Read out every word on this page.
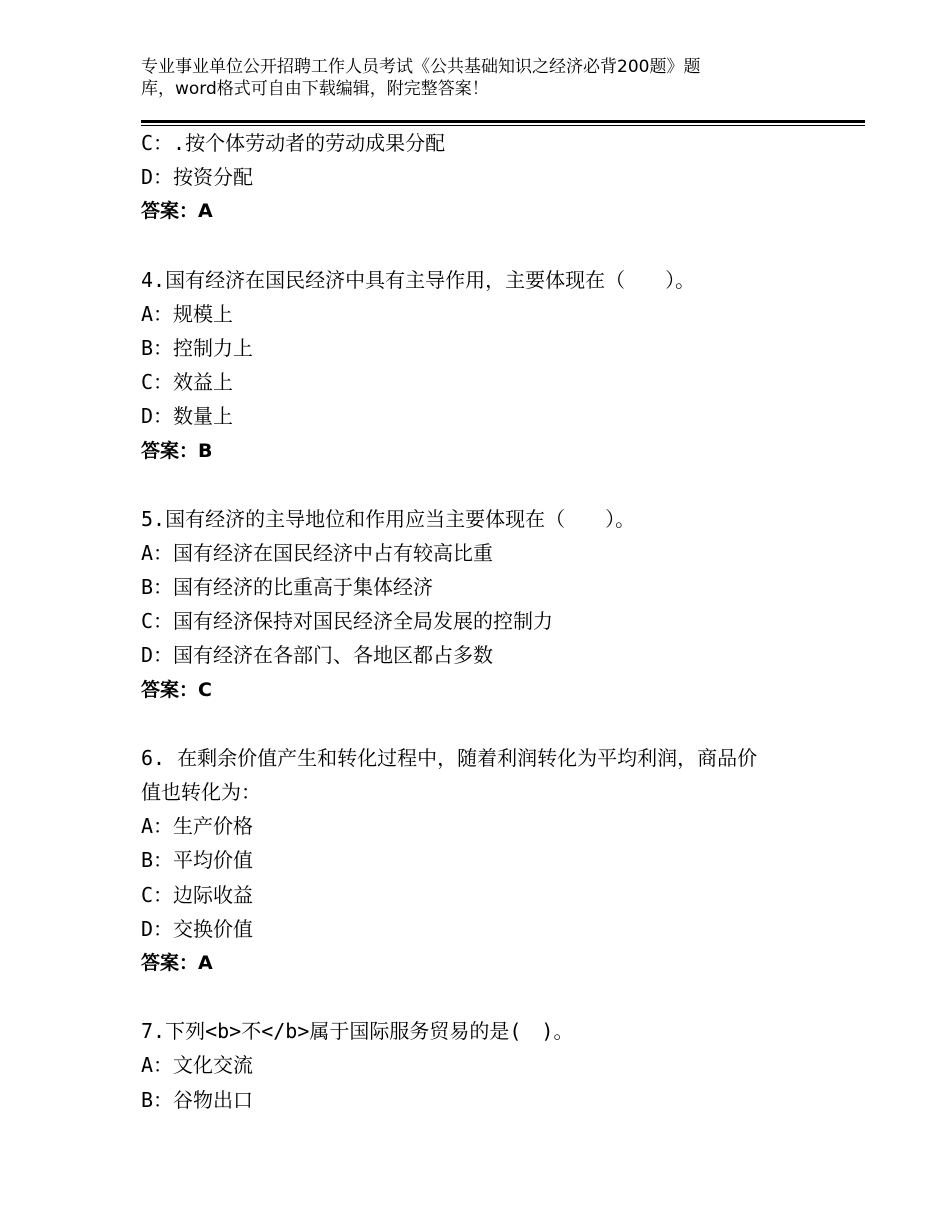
专业事业单位公开招聘工作人员考试《公共基础知识之经济必背200题》题
库，word格式可自由下载编辑，附完整答案！
C：.按个体劳动者的劳动成果分配
D：按资分配
答案：A
4.国有经济在国民经济中具有主导作用，主要体现在（　　）。
A：规模上
B：控制力上
C：效益上
D：数量上
答案：B
5.国有经济的主导地位和作用应当主要体现在（　　）。
A：国有经济在国民经济中占有较高比重
B：国有经济的比重高于集体经济
C：国有经济保持对国民经济全局发展的控制力
D：国有经济在各部门、各地区都占多数
答案：C
6. 在剩余价值产生和转化过程中，随着利润转化为平均利润，商品价
值也转化为：
A：生产价格
B：平均价值
C：边际收益
D：交换价值
答案：A
7.下列<b>不</b>属于国际服务贸易的是(　)。
A：文化交流
B：谷物出口
